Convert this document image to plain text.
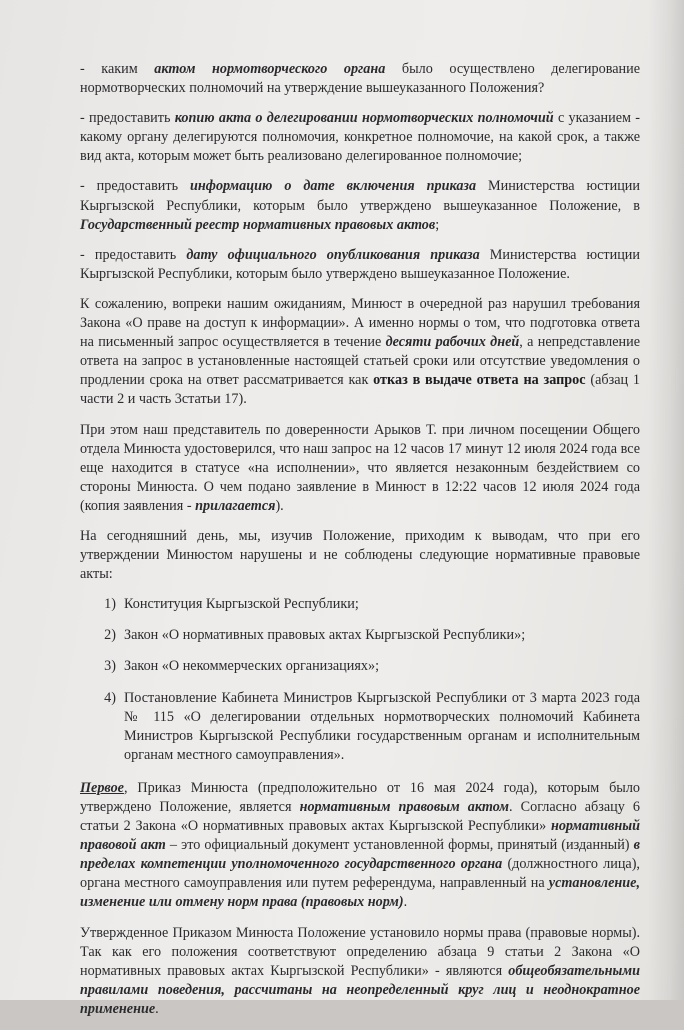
- каким актом нормотворческого органа было осуществлено делегирование нормотворческих полномочий на утверждение вышеуказанного Положения?

- предоставить копию акта о делегировании нормотворческих полномочий с указанием - какому органу делегируются полномочия, конкретное полномочие, на какой срок, а также вид акта, которым может быть реализовано делегированное полномочие;

- предоставить информацию о дате включения приказа Министерства юстиции Кыргызской Республики, которым было утверждено вышеуказанное Положение, в Государственный реестр нормативных правовых актов;

- предоставить дату официального опубликования приказа Министерства юстиции Кыргызской Республики, которым было утверждено вышеуказанное Положение.

К сожалению, вопреки нашим ожиданиям, Минюст в очередной раз нарушил требования Закона «О праве на доступ к информации». А именно нормы о том, что подготовка ответа на письменный запрос осуществляется в течение десяти рабочих дней, а непредставление ответа на запрос в установленные настоящей статьей сроки или отсутствие уведомления о продлении срока на ответ рассматривается как отказ в выдаче ответа на запрос (абзац 1 части 2 и часть 3статьи 17).

При этом наш представитель по доверенности Арыков Т. при личном посещении Общего отдела Минюста удостоверился, что наш запрос на 12 часов 17 минут 12 июля 2024 года все еще находится в статусе «на исполнении», что является незаконным бездействием со стороны Минюста. О чем подано заявление в Минюст в 12:22 часов 12 июля 2024 года (копия заявления - прилагается).

На сегодняшний день, мы, изучив Положение, приходим к выводам, что при его утверждении Минюстом нарушены и не соблюдены следующие нормативные правовые акты:

1) Конституция Кыргызской Республики;
2) Закон «О нормативных правовых актах Кыргызской Республики»;
3) Закон «О некоммерческих организациях»;
4) Постановление Кабинета Министров Кыргызской Республики от 3 марта 2023 года № 115 «О делегировании отдельных нормотворческих полномочий Кабинета Министров Кыргызской Республики государственным органам и исполнительным органам местного самоуправления».

Первое, Приказ Минюста (предположительно от 16 мая 2024 года), которым было утверждено Положение, является нормативным правовым актом. Согласно абзацу 6 статьи 2 Закона «О нормативных правовых актах Кыргызской Республики» нормативный правовой акт – это официальный документ установленной формы, принятый (изданный) в пределах компетенции уполномоченного государственного органа (должностного лица), органа местного самоуправления или путем референдума, направленный на установление, изменение или отмену норм права (правовых норм).

Утвержденное Приказом Минюста Положение установило нормы права (правовые нормы). Так как его положения соответствуют определению абзаца 9 статьи 2 Закона «О нормативных правовых актах Кыргызской Республики» - являются общеобязательными правилами поведения, рассчитаны на неопределенный круг лиц и неоднократное применение.
